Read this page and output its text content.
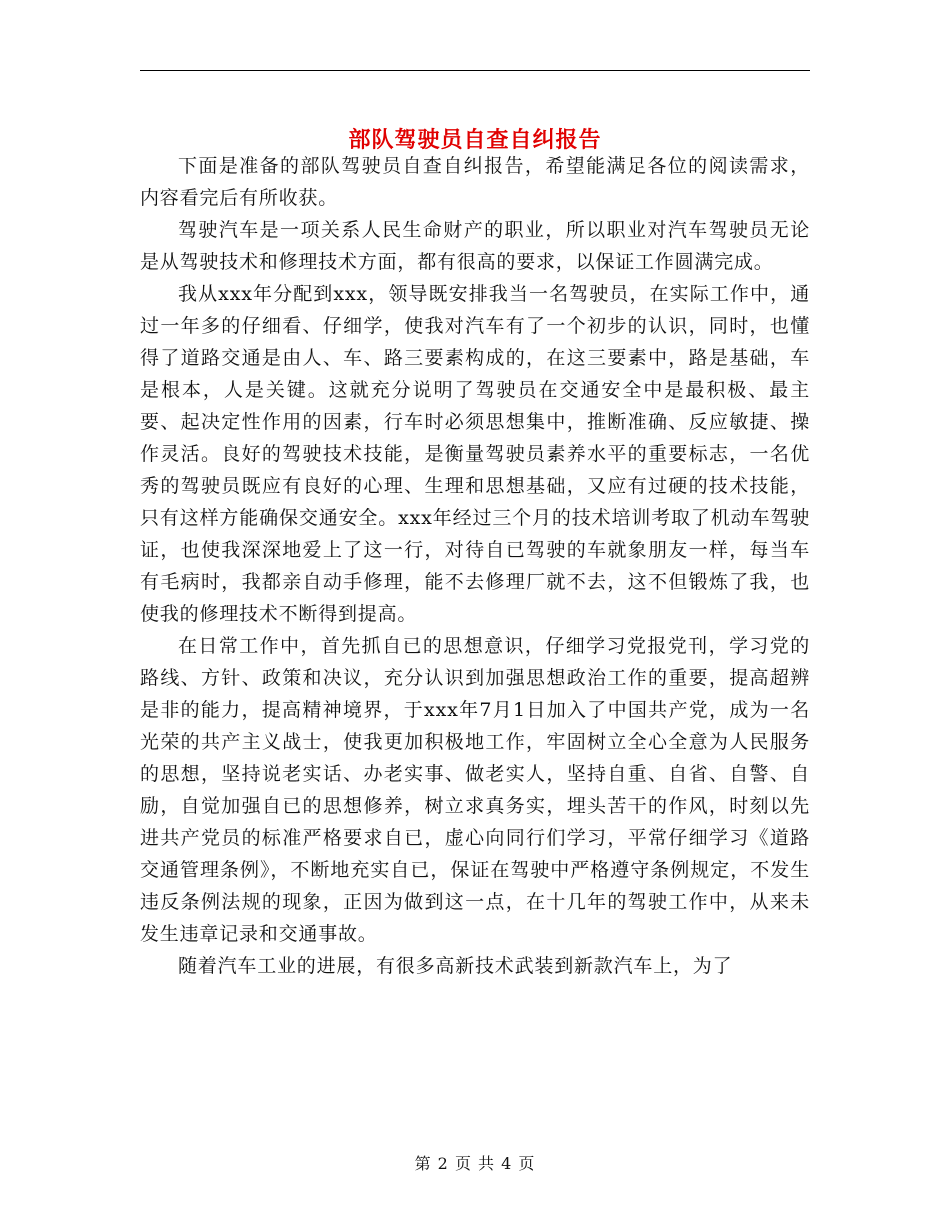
部队驾驶员自查自纠报告

下面是准备的部队驾驶员自查自纠报告，希望能满足各位的阅读需求，内容看完后有所收获。

驾驶汽车是一项关系人民生命财产的职业，所以职业对汽车驾驶员无论是从驾驶技术和修理技术方面，都有很高的要求，以保证工作圆满完成。

我从xxx年分配到xxx，领导既安排我当一名驾驶员，在实际工作中，通过一年多的仔细看、仔细学，使我对汽车有了一个初步的认识，同时，也懂得了道路交通是由人、车、路三要素构成的，在这三要素中，路是基础，车是根本，人是关键。这就充分说明了驾驶员在交通安全中是最积极、最主要、起决定性作用的因素，行车时必须思想集中，推断准确、反应敏捷、操作灵活。良好的驾驶技术技能，是衡量驾驶员素养水平的重要标志，一名优秀的驾驶员既应有良好的心理、生理和思想基础，又应有过硬的技术技能，只有这样方能确保交通安全。xxx年经过三个月的技术培训考取了机动车驾驶证，也使我深深地爱上了这一行，对待自已驾驶的车就象朋友一样，每当车有毛病时，我都亲自动手修理，能不去修理厂就不去，这不但锻炼了我，也使我的修理技术不断得到提高。

在日常工作中，首先抓自已的思想意识，仔细学习党报党刊，学习党的路线、方针、政策和决议，充分认识到加强思想政治工作的重要，提高超辨是非的能力，提高精神境界，于xxx年7月1日加入了中国共产党，成为一名光荣的共产主义战士，使我更加积极地工作，牢固树立全心全意为人民服务的思想，坚持说老实话、办老实事、做老实人，坚持自重、自省、自警、自励，自觉加强自已的思想修养，树立求真务实，埋头苦干的作风，时刻以先进共产党员的标准严格要求自已，虚心向同行们学习，平常仔细学习《道路交通管理条例》，不断地充实自已，保证在驾驶中严格遵守条例规定，不发生违反条例法规的现象，正因为做到这一点，在十几年的驾驶工作中，从来未发生违章记录和交通事故。

随着汽车工业的进展，有很多高新技术武装到新款汽车上，为了

第 2 页 共 4 页
